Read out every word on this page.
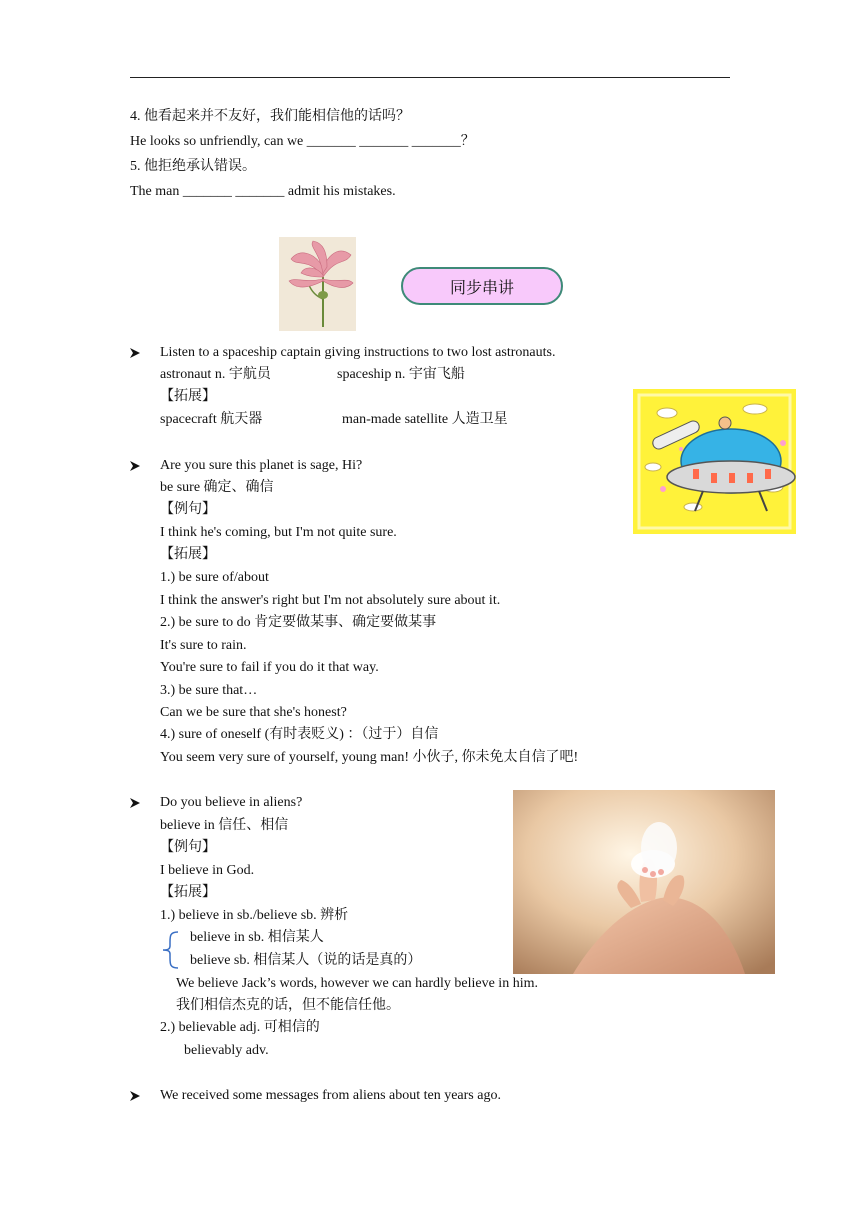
4. 他看起来并不友好，我们能相信他的话吗？
He looks so unfriendly, can we _______ _______ _______？
5. 他拒绝承认错误。
The man _______ _______ admit his mistakes.
同步串讲
Listen to a spaceship captain giving instructions to two lost astronauts.
astronaut n. 宇航员	spaceship n. 宇宙飞船
【拓展】
spacecraft 航天器	man-made satellite 人造卫星
Are you sure this planet is sage, Hi?
be sure 确定、确信
【例句】
I think he's coming, but I'm not quite sure.
【拓展】
1.) be sure of/about
I think the answer's right but I'm not absolutely sure about it.
2.) be sure to do 肯定要做某事、确定要做某事
It's sure to rain.
You're sure to fail if you do it that way.
3.) be sure that…
Can we be sure that she's honest?
4.) sure of oneself (有时表贬义) ：（过于）自信
You seem very sure of yourself, young man! 小伙子, 你未免太自信了吧!
Do you believe in aliens?
believe in 信任、相信
【例句】
I believe in God.
【拓展】
1.) believe in sb./believe sb. 辨析
believe in sb. 相信某人
believe sb. 相信某人（说的话是真的）
We believe Jack’s words, however we can hardly believe in him.
我们相信杰克的话，但不能信任他。
2.) believable adj. 可相信的
believably adv.
We received some messages from aliens about ten years ago.
